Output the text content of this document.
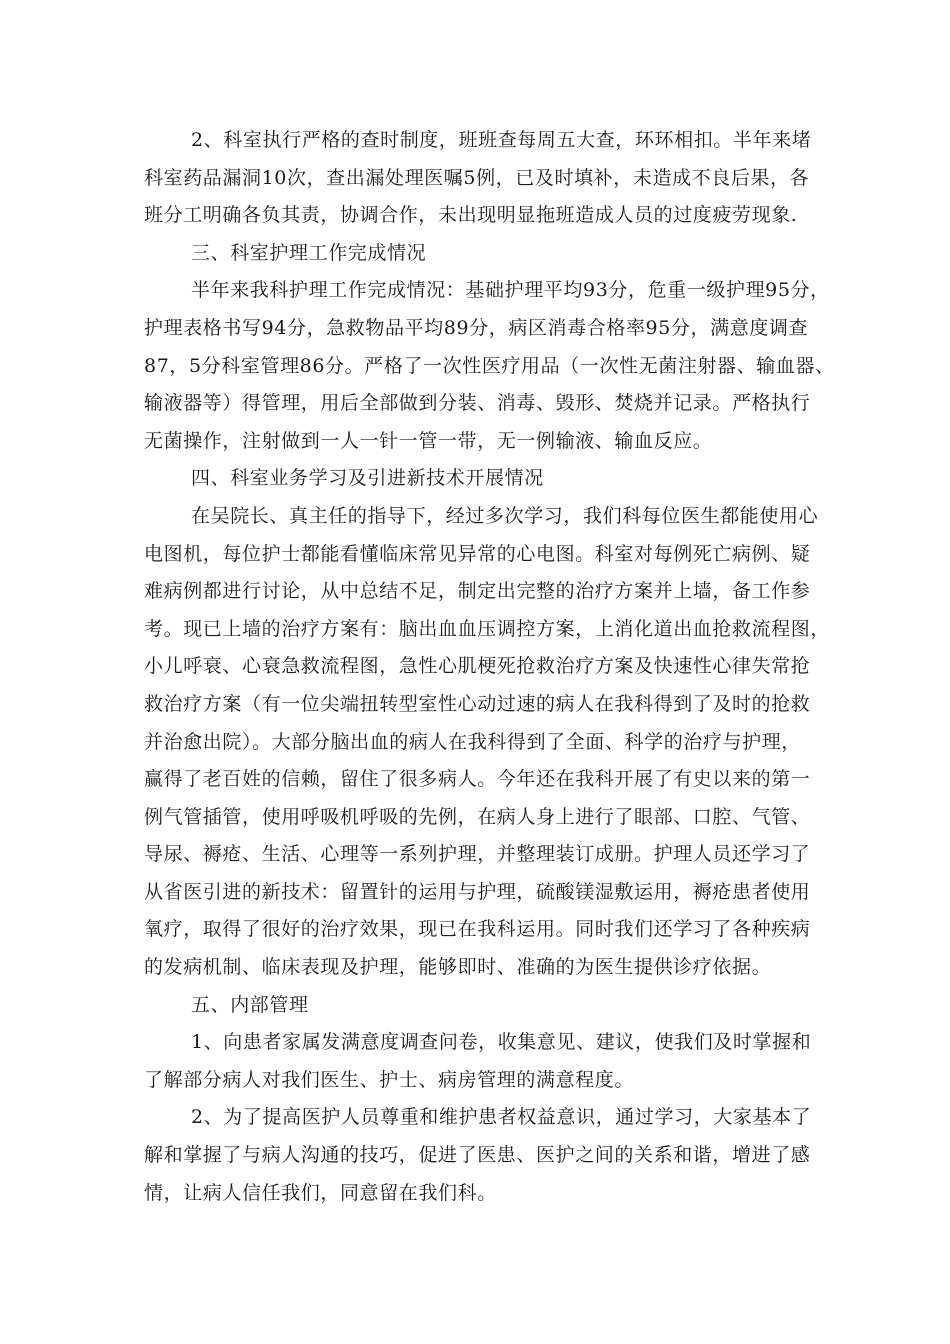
2、科室执行严格的查时制度，班班查每周五大查，环环相扣。半年来堵
科室药品漏洞10次，查出漏处理医嘱5例，已及时填补，未造成不良后果，各
班分工明确各负其责，协调合作，未出现明显拖班造成人员的过度疲劳现象.
三、科室护理工作完成情况
半年来我科护理工作完成情况：基础护理平均93分，危重一级护理95分，
护理表格书写94分，急救物品平均89分，病区消毒合格率95分，满意度调查
87，5分科室管理86分。严格了一次性医疗用品（一次性无菌注射器、输血器、
输液器等）得管理，用后全部做到分装、消毒、毁形、焚烧并记录。严格执行
无菌操作，注射做到一人一针一管一带，无一例输液、输血反应。
四、科室业务学习及引进新技术开展情况
在吴院长、真主任的指导下，经过多次学习，我们科每位医生都能使用心
电图机，每位护士都能看懂临床常见异常的心电图。科室对每例死亡病例、疑
难病例都进行讨论，从中总结不足，制定出完整的治疗方案并上墙，备工作参
考。现已上墙的治疗方案有：脑出血血压调控方案，上消化道出血抢救流程图，
小儿呼衰、心衰急救流程图，急性心肌梗死抢救治疗方案及快速性心律失常抢
救治疗方案（有一位尖端扭转型室性心动过速的病人在我科得到了及时的抢救
并治愈出院）。大部分脑出血的病人在我科得到了全面、科学的治疗与护理，
赢得了老百姓的信赖，留住了很多病人。今年还在我科开展了有史以来的第一
例气管插管，使用呼吸机呼吸的先例，在病人身上进行了眼部、口腔、气管、
导尿、褥疮、生活、心理等一系列护理，并整理装订成册。护理人员还学习了
从省医引进的新技术：留置针的运用与护理，硫酸镁湿敷运用，褥疮患者使用
氧疗，取得了很好的治疗效果，现已在我科运用。同时我们还学习了各种疾病
的发病机制、临床表现及护理，能够即时、准确的为医生提供诊疗依据。
五、内部管理
1、向患者家属发满意度调查问卷，收集意见、建议，使我们及时掌握和
了解部分病人对我们医生、护士、病房管理的满意程度。
2、为了提高医护人员尊重和维护患者权益意识，通过学习，大家基本了
解和掌握了与病人沟通的技巧，促进了医患、医护之间的关系和谐，增进了感
情，让病人信任我们，同意留在我们科。
